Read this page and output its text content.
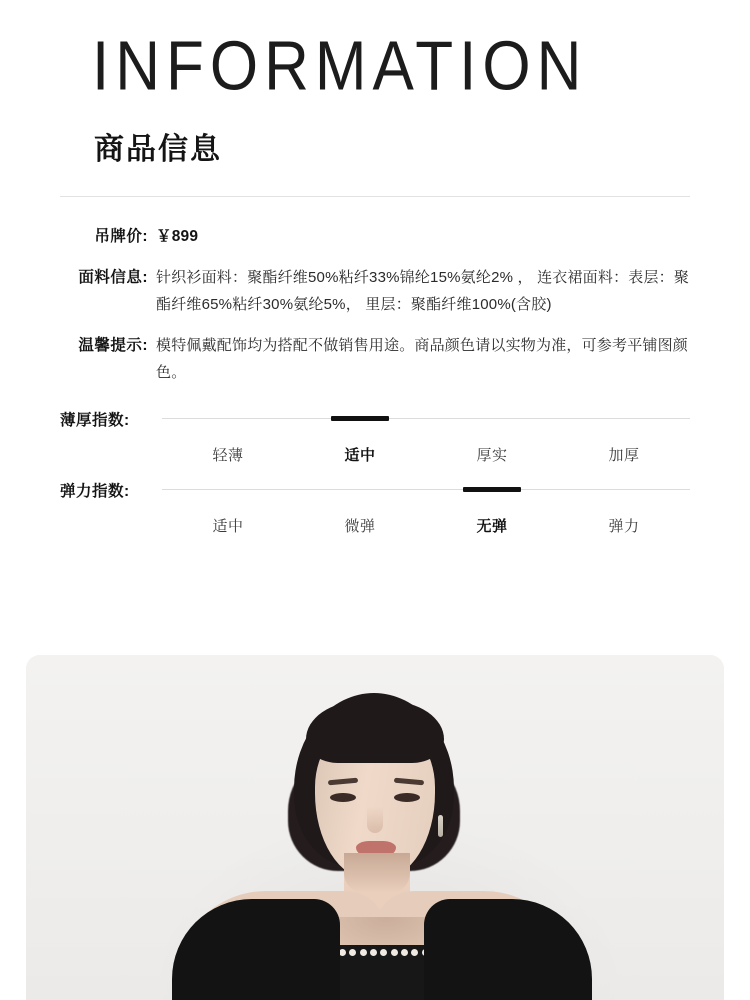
INFORMATION
商品信息
吊牌价: ￥899
面料信息: 针织衫面料：聚酯纤维50%粘纤33%锦纶15%氨纶2% ， 连衣裙面料：表层：聚酯纤维65%粘纤30%氨纶5%， 里层：聚酯纤维100%(含胶)
温馨提示: 模特佩戴配饰均为搭配不做销售用途。商品颜色请以实物为准，可参考平铺图颜色。
薄厚指数:
轻薄	适中	厚实	加厚
弹力指数:
适中	微弹	无弹	弹力
